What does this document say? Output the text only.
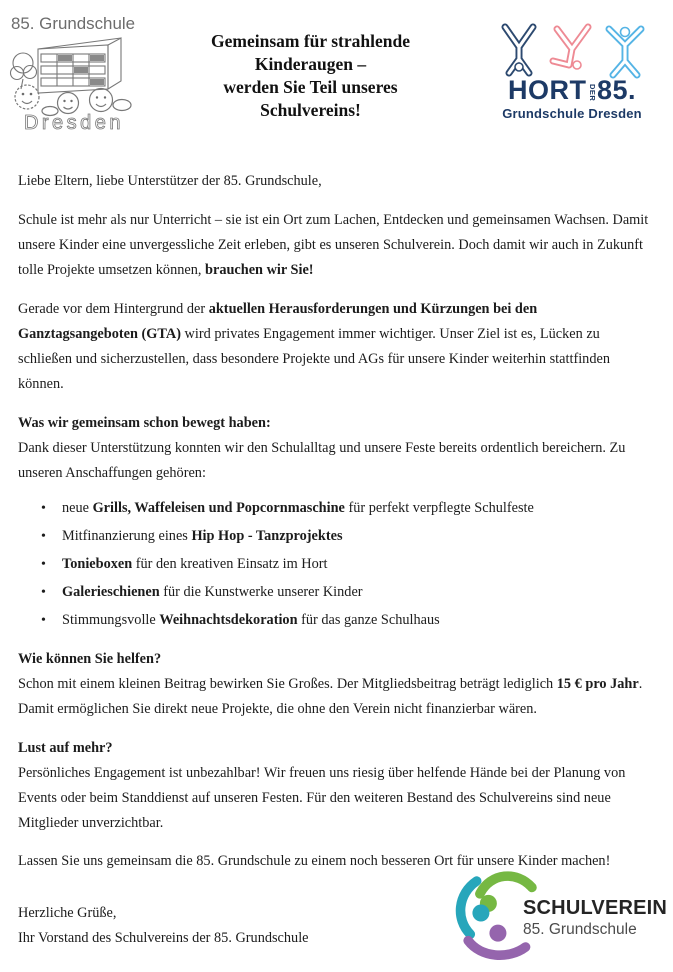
85. Grundschule
Dresden
Gemeinsam für strahlende
Kinderaugen –
werden Sie Teil unseres
Schulvereins!
HORT DER 85.
Grundschule Dresden

Liebe Eltern, liebe Unterstützer der 85. Grundschule,

Schule ist mehr als nur Unterricht – sie ist ein Ort zum Lachen, Entdecken und gemeinsamen Wachsen. Damit unsere Kinder eine unvergessliche Zeit erleben, gibt es unseren Schulverein. Doch damit wir auch in Zukunft tolle Projekte umsetzen können, brauchen wir Sie!

Gerade vor dem Hintergrund der aktuellen Herausforderungen und Kürzungen bei den Ganztagsangeboten (GTA) wird privates Engagement immer wichtiger. Unser Ziel ist es, Lücken zu schließen und sicherzustellen, dass besondere Projekte und AGs für unsere Kinder weiterhin stattfinden können.

Was wir gemeinsam schon bewegt haben:

Dank dieser Unterstützung konnten wir den Schulalltag und unsere Feste bereits ordentlich bereichern. Zu unseren Anschaffungen gehören:

• neue Grills, Waffeleisen und Popcornmaschine für perfekt verpflegte Schulfeste
• Mitfinanzierung eines Hip Hop - Tanzprojektes
• Tonieboxen für den kreativen Einsatz im Hort
• Galerieschienen für die Kunstwerke unserer Kinder
• Stimmungsvolle Weihnachtsdekoration für das ganze Schulhaus

Wie können Sie helfen?

Schon mit einem kleinen Beitrag bewirken Sie Großes. Der Mitgliedsbeitrag beträgt lediglich 15 € pro Jahr. Damit ermöglichen Sie direkt neue Projekte, die ohne den Verein nicht finanzierbar wären.

Lust auf mehr?

Persönliches Engagement ist unbezahlbar! Wir freuen uns riesig über helfende Hände bei der Planung von Events oder beim Standdienst auf unseren Festen. Für den weiteren Bestand des Schulvereins sind neue Mitglieder unverzichtbar.

Lassen Sie uns gemeinsam die 85. Grundschule zu einem noch besseren Ort für unsere Kinder machen!

Herzliche Grüße,

Ihr Vorstand des Schulvereins der 85. Grundschule

SCHULVEREIN
85. Grundschule
